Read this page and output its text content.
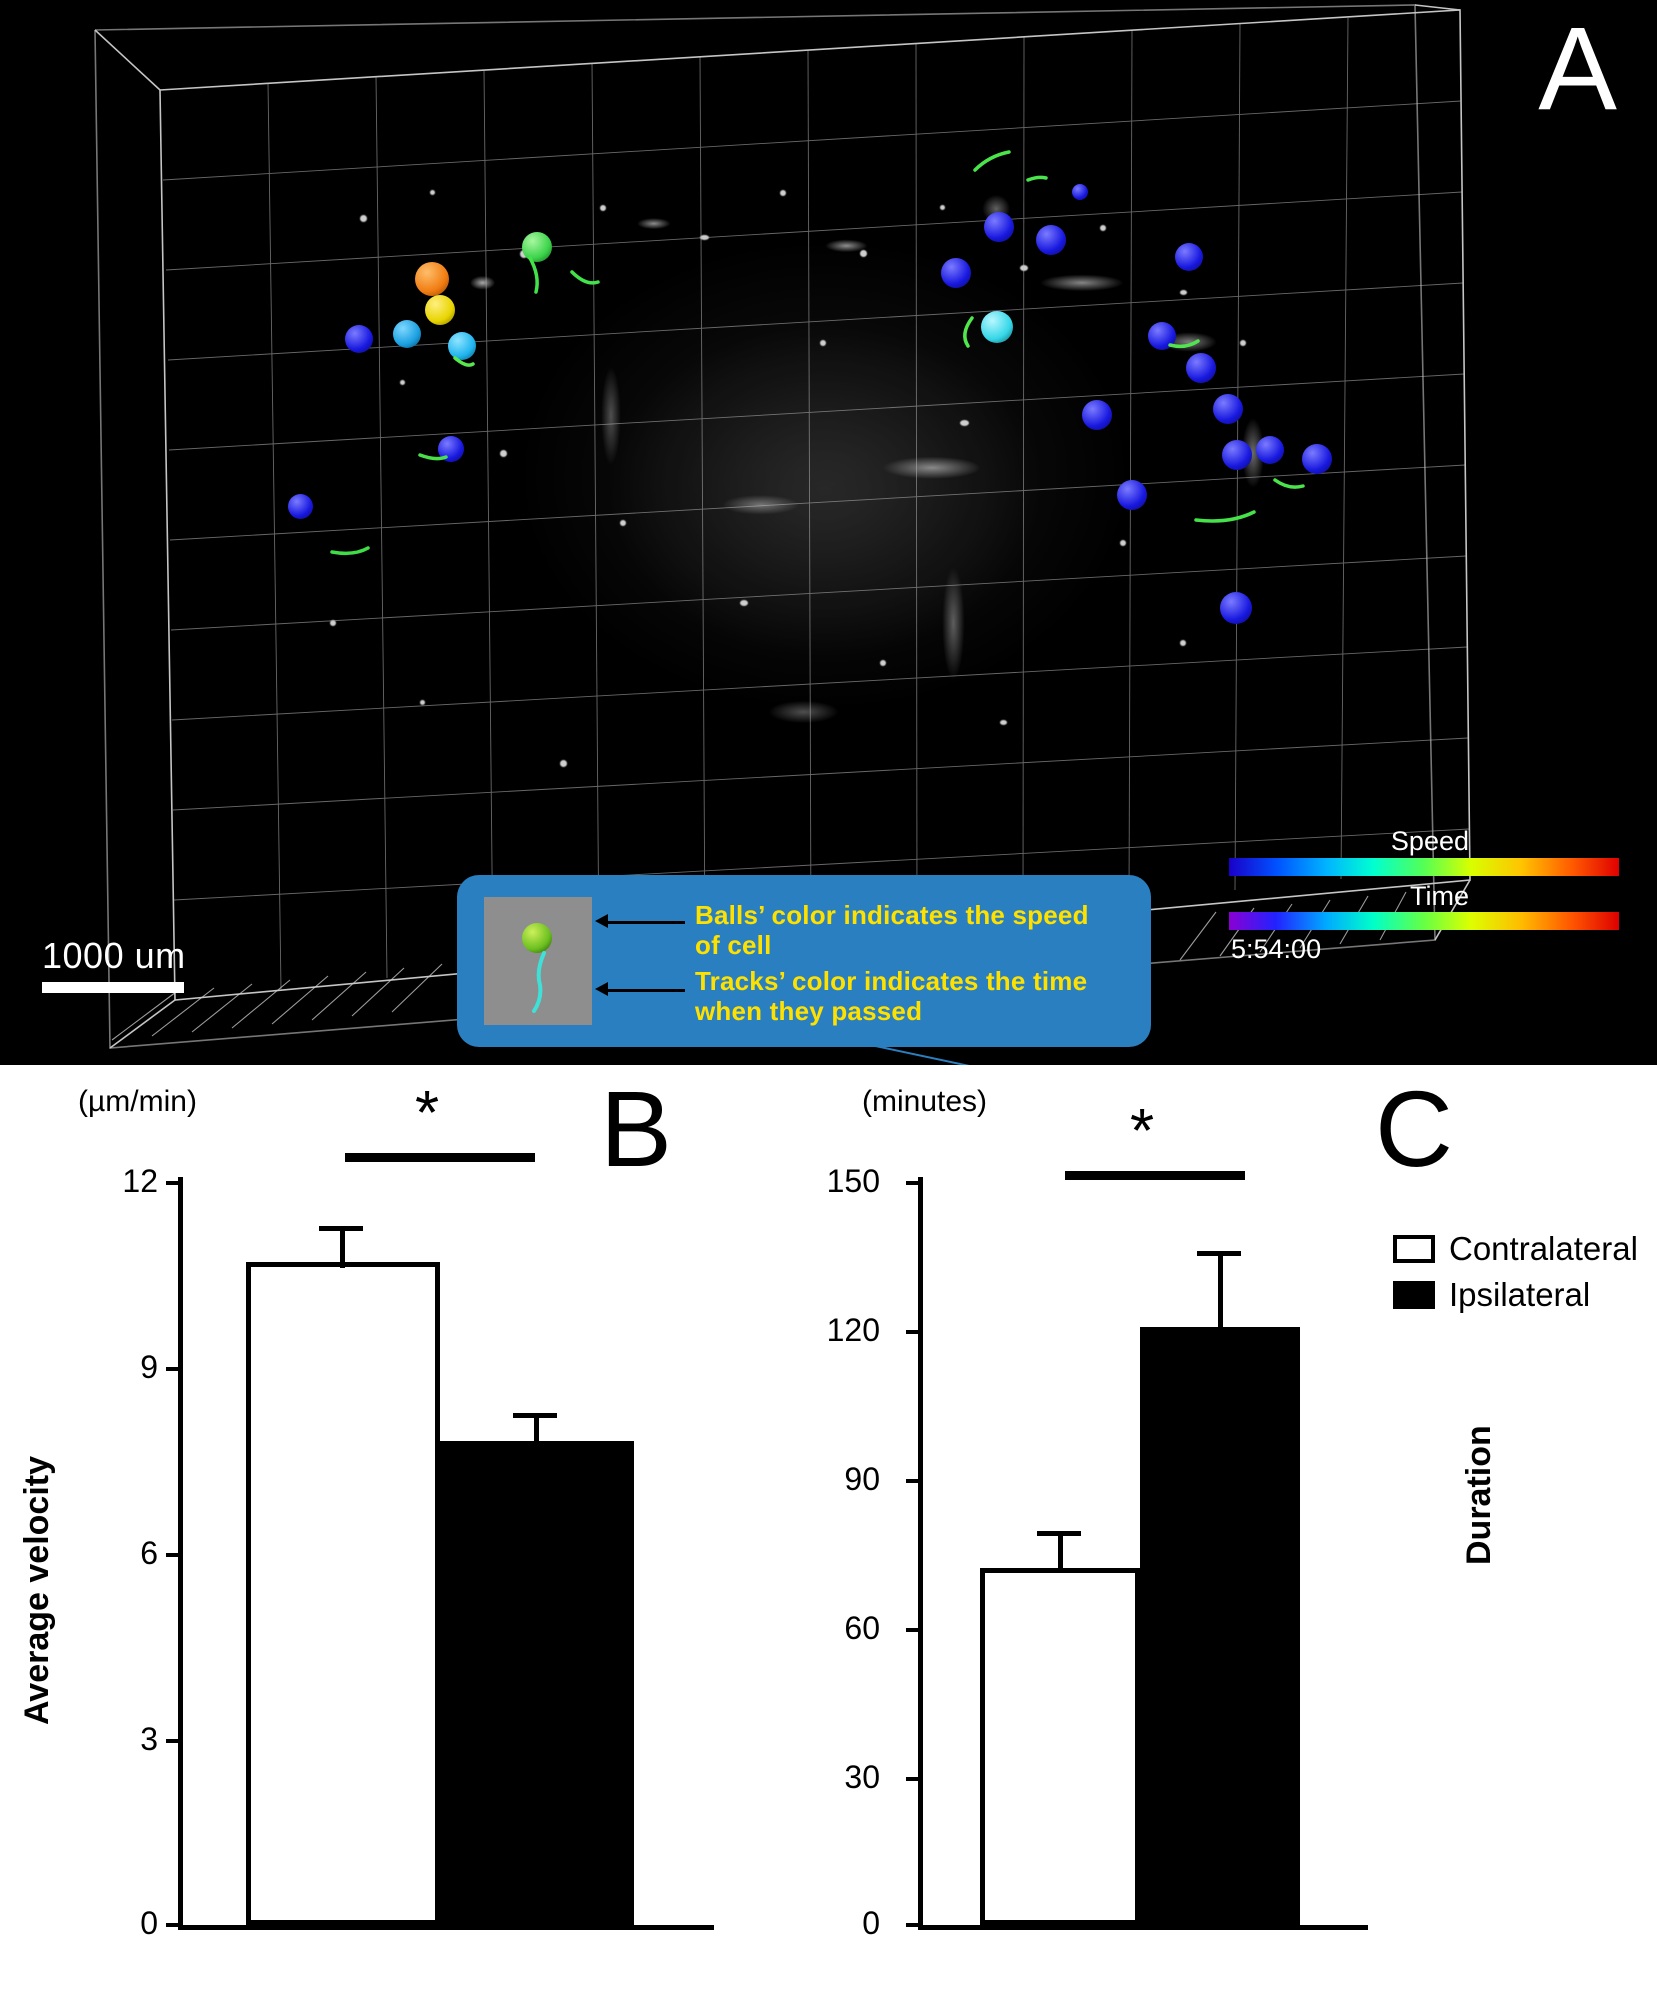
1000 um
Balls’ color indicates the speed of cell
Tracks’ color indicates the time when they passed
Speed
Time
5:54:00
A
B
(µm/min)
Average velocity
12
9
6
3
0
*	C
(minutes)
Duration
150
120
90
60
30
0
*
Contralateral
Ipsilateral
